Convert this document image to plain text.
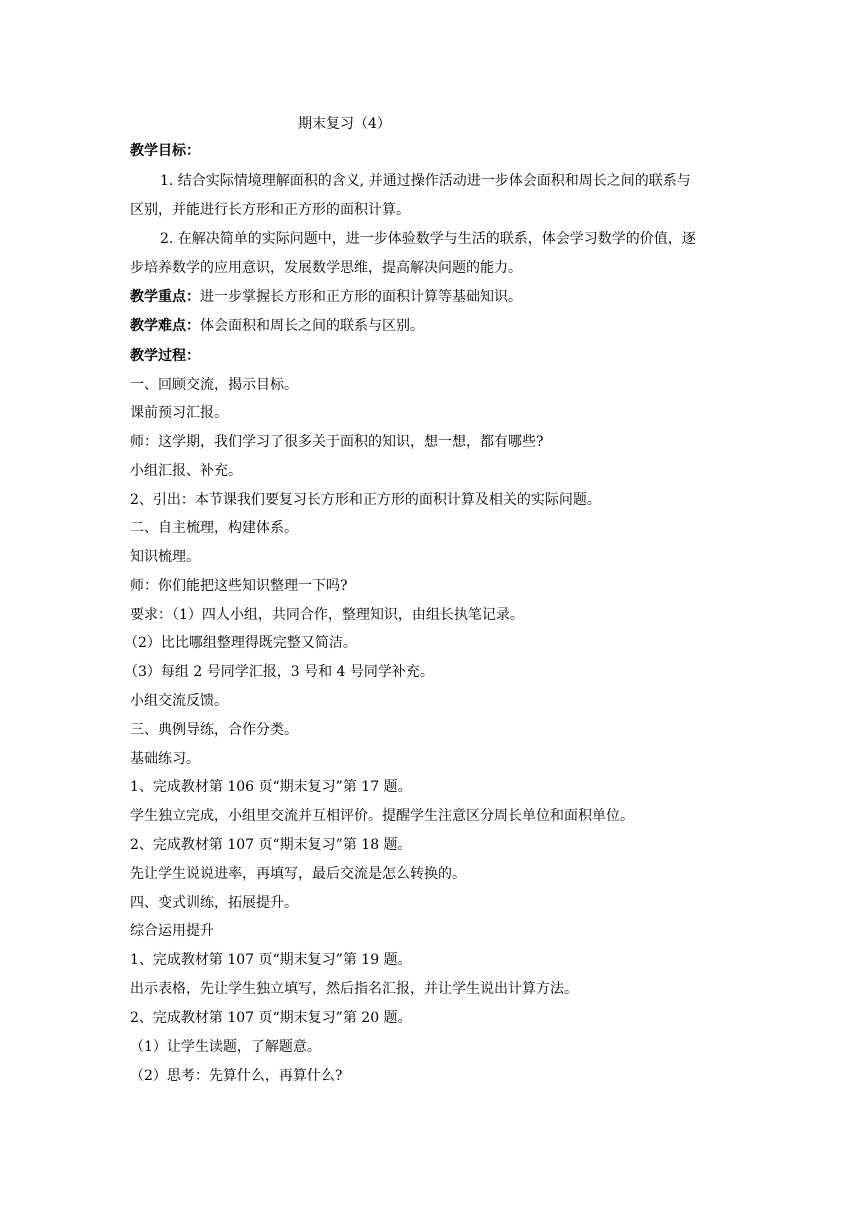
期末复习（4）
教学目标：
1. 结合实际情境理解面积的含义, 并通过操作活动进一步体会面积和周长之间的联系与
区别，并能进行长方形和正方形的面积计算。
2. 在解决简单的实际问题中，进一步体验数学与生活的联系，体会学习数学的价值，逐
步培养数学的应用意识，发展数学思维，提高解决问题的能力。
教学重点：进一步掌握长方形和正方形的面积计算等基础知识。
教学难点：体会面积和周长之间的联系与区别。
教学过程：
一、回顾交流，揭示目标。
课前预习汇报。
师：这学期，我们学习了很多关于面积的知识，想一想，都有哪些?
小组汇报、补充。
2、引出：本节课我们要复习长方形和正方形的面积计算及相关的实际问题。
二、自主梳理，构建体系。
知识梳理。
师：你们能把这些知识整理一下吗?
要求：（1）四人小组，共同合作，整理知识，由组长执笔记录。
（2）比比哪组整理得既完整又简洁。
（3）每组 2 号同学汇报，3 号和 4 号同学补充。
小组交流反馈。
三、典例导练，合作分类。
基础练习。
1、完成教材第 106 页“期末复习”第 17 题。
学生独立完成，小组里交流并互相评价。提醒学生注意区分周长单位和面积单位。
2、完成教材第 107 页“期末复习”第 18 题。
先让学生说说进率，再填写，最后交流是怎么转换的。
四、变式训练，拓展提升。
综合运用提升
1、完成教材第 107 页“期末复习”第 19 题。
出示表格，先让学生独立填写，然后指名汇报，并让学生说出计算方法。
2、完成教材第 107 页“期末复习”第 20 题。
（1）让学生读题，了解题意。
（2）思考：先算什么，再算什么?
